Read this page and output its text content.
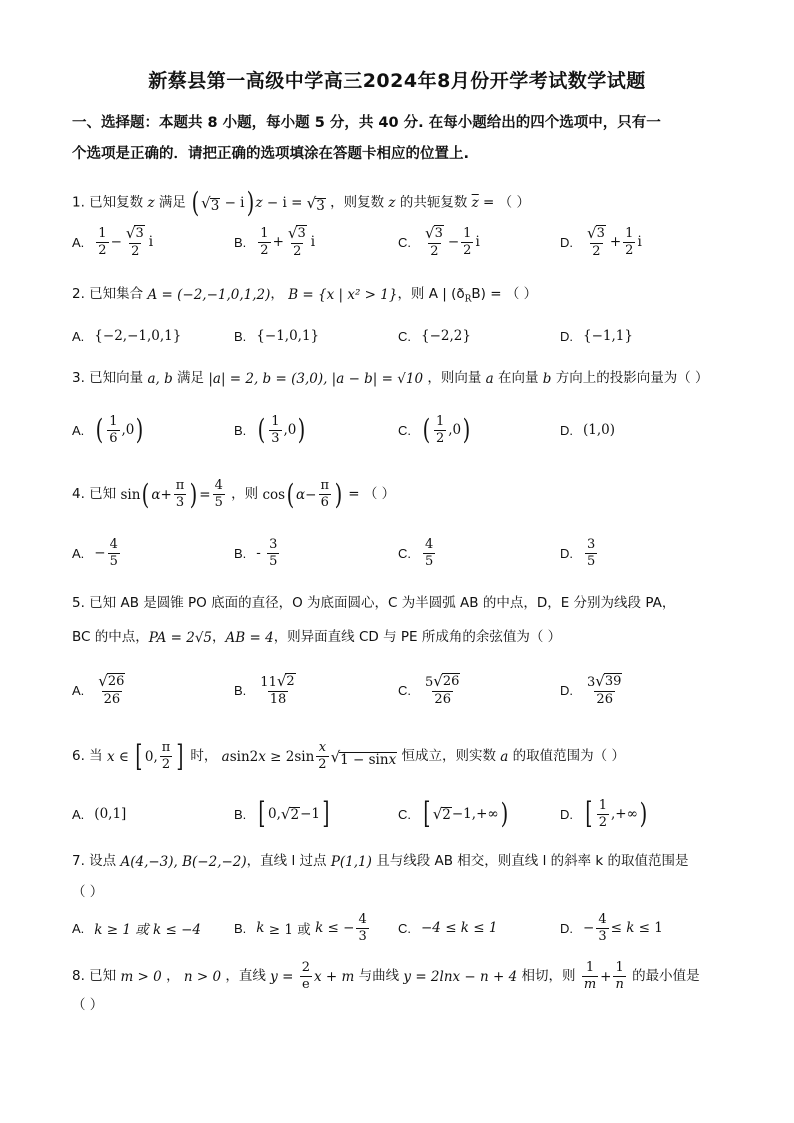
新蔡县第一高级中学高三2024年8月份开学考试数学试题
一、选择题：本题共 8 小题，每小题 5 分，共 40 分. 在每小题给出的四个选项中，只有一
个选项是正确的．请把正确的选项填涂在答题卡相应的位置上.
1. 已知复数 z 满足 ( √ 3 − i ) z − i = √ 3 ，则复数 z 的共轭复数 $\overline{z}$ = （ ）
A. $\frac{1}{2} - \frac{√ 3}{2}$ i	B. $\frac{1}{2} + \frac{√ 3}{2}$ i	C. $\frac{√ 3}{2} - \frac{1}{2}$ i	D. $\frac{√ 3}{2} + \frac{1}{2}$ i
2. 已知集合 A = (−2,−1,0,1,2)， B = {x | x² > 1}，则 A | $(ð_RB)$ = （ ）
A. {−2,−1,0,1}	B. {−1,0,1}	C. {−2,2}	D. {−1,1}
3. 已知向量 a, b 满足 |a| = 2, b = (3,0), |a − b| = √10 ，则向量 a 在向量 b 方向上的投影向量为（ ）
A. ( $\frac{1}{6} ,0$ )	B. ( $\frac{1}{3} ,0$ )	C. ( $\frac{1}{2} ,0$ )	D. (1,0)
4. 已知 sin ( $\alpha + \frac{\pi}{3}$ ) = $\frac{4}{5}$ ，则 cos ( $\alpha - \frac{\pi}{6}$ ) = （ ）
A. − $\frac{4}{5}$	B. - $\frac{3}{5}$	C. $\frac{4}{5}$	D. $\frac{3}{5}$
5. 已知 AB 是圆锥 PO 底面的直径，O 为底面圆心，C 为半圆弧 AB 的中点，D，E 分别为线段 PA，
BC 的中点，PA = 2√5，AB = 4，则异面直线 CD 与 PE 所成角的余弦值为（ ）
A. $\frac{√ 26}{26}$	B. $\frac{11 √ 2}{18}$	C. $\frac{5 √ 26}{26}$	D. $\frac{3 √ 39}{26}$
6. 当 x ∈ [ 0, $\frac{\pi}{2}$ ] 时， a sin2 $x \ge 2\sin \frac{x}{2}$ √ 1 − sinx 恒成立，则实数 a 的取值范围为（ ）
A. (0,1]	B. [ 0, √ 2 −1 ]	C. [ √ 2 −1,+∞ )	D. [ $\frac{1}{2}$ ,+∞ )
7. 设点 A(4,−3), B(−2,−2)，直线 l 过点 P(1,1) 且与线段 AB 相交，则直线 l 的斜率 k 的取值范围是
（ ）
A. k ≥ 1 或 k ≤ −4	B. k ≥ 1 或 k ≤ − $\frac{4}{3} C$. −4 ≤ k ≤ 1	D. − $\frac{4}{3} \le k \le 1$
8. 已知 m > 0 ， n > 0 ，直线 $y = \frac{2}{e}$ x + m 与曲线 y = 2lnx − n + 4 相切，则 $\frac{1}{m} + \frac{1}{n}$ 的最小值是
（ ）
